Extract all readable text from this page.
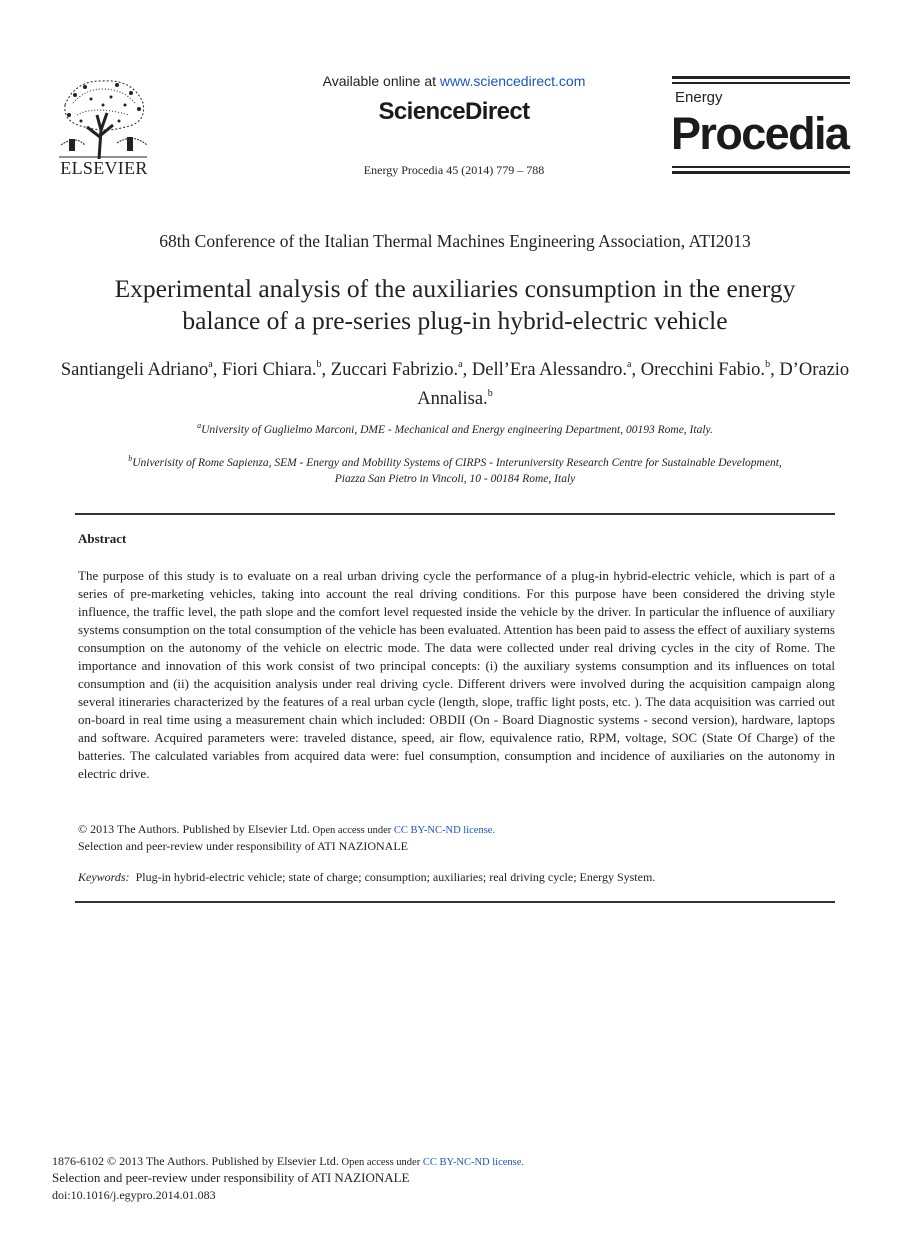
ELSEVIER
Available online at www.sciencedirect.com
ScienceDirect
Energy Procedia 45 (2014) 779 – 788
Energy
Procedia
68th Conference of the Italian Thermal Machines Engineering Association, ATI2013
Experimental analysis of the auxiliaries consumption in the energy
balance of a pre-series plug-in hybrid-electric vehicle
Santiangeli Adriano$^a$, Fiori Chiara.$^b$, Zuccari Fabrizio.$^a$, Dell’Era Alessandro.$^a$, Orecchini Fabio.$^b$, D’Orazio Annalisa.$^b$
$^a$University of Guglielmo Marconi, DME - Mechanical and Energy engineering Department, 00193 Rome, Italy.
$^b$Univerisity of Rome Sapienza, SEM - Energy and Mobility Systems of CIRPS - Interuniversity Research Centre for Sustainable Development,
Piazza San Pietro in Vincoli, 10 - 00184 Rome, Italy
Abstract
The purpose of this study is to evaluate on a real urban driving cycle the performance of a plug-in hybrid-electric vehicle, which is part of a series of pre-marketing vehicles, taking into account the real driving conditions. For this purpose have been considered the driving style influence, the traffic level, the path slope and the comfort level requested inside the vehicle by the driver. In particular the influence of auxiliary systems consumption on the total consumption of the vehicle has been evaluated. Attention has been paid to assess the effect of auxiliary systems consumption on the autonomy of the vehicle on electric mode. The data were collected under real driving cycles in the city of Rome. The importance and innovation of this work consist of two principal concepts: (i) the auxiliary systems consumption and its influences on total consumption and (ii) the acquisition analysis under real driving cycle. Different drivers were involved during the acquisition campaign along several itineraries characterized by the features of a real urban cycle (length, slope, traffic light posts, etc. ). The data acquisition was carried out on-board in real time using a measurement chain which included: OBDII (On - Board Diagnostic systems - second version), hardware, laptops and software. Acquired parameters were: traveled distance, speed, air flow, equivalence ratio, RPM, voltage, SOC (State Of Charge) of the batteries. The calculated variables from acquired data were: fuel consumption, consumption and incidence of auxiliaries on the autonomy in electric drive.
© 2013 The Authors. Published by Elsevier Ltd. Open access under CC BY-NC-ND license.
Selection and peer-review under responsibility of ATI NAZIONALE
Keywords: Plug-in hybrid-electric vehicle; state of charge; consumption; auxiliaries; real driving cycle; Energy System.
1876-6102 © 2013 The Authors. Published by Elsevier Ltd. Open access under CC BY-NC-ND license.
Selection and peer-review under responsibility of ATI NAZIONALE
doi:10.1016/j.egypro.2014.01.083
